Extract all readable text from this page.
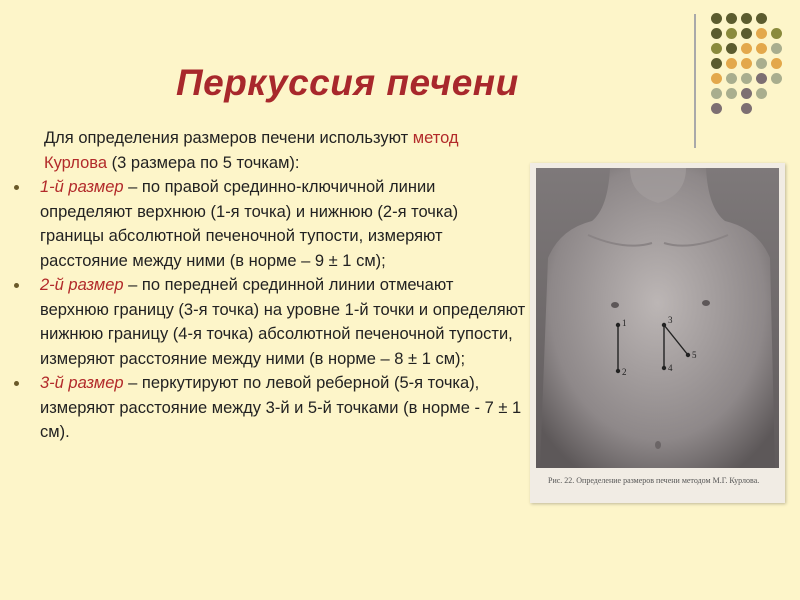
Перкуссия печени

Для определения размеров печени используют метод Курлова (3 размера по 5 точкам):

1-й размер – по правой срединно-ключичной линии определяют верхнюю (1-я точка) и нижнюю (2-я точка) границы абсолютной печеночной тупости, измеряют расстояние между ними (в норме – 9 ± 1 см);
2-й размер – по передней срединной линии отмечают верхнюю границу (3-я точка) на уровне 1-й точки и определяют нижнюю границу (4-я точка) абсолютной печеночной тупости, измеряют расстояние между ними (в норме – 8 ± 1 см);
3-й размер – перкутируют по левой реберной (5-я точка), измеряют расстояние между 3-й и 5-й точками (в норме - 7 ± 1 см).
1
2
3
4
5
Рис. 22. Определение размеров печени методом М.Г. Курлова.
